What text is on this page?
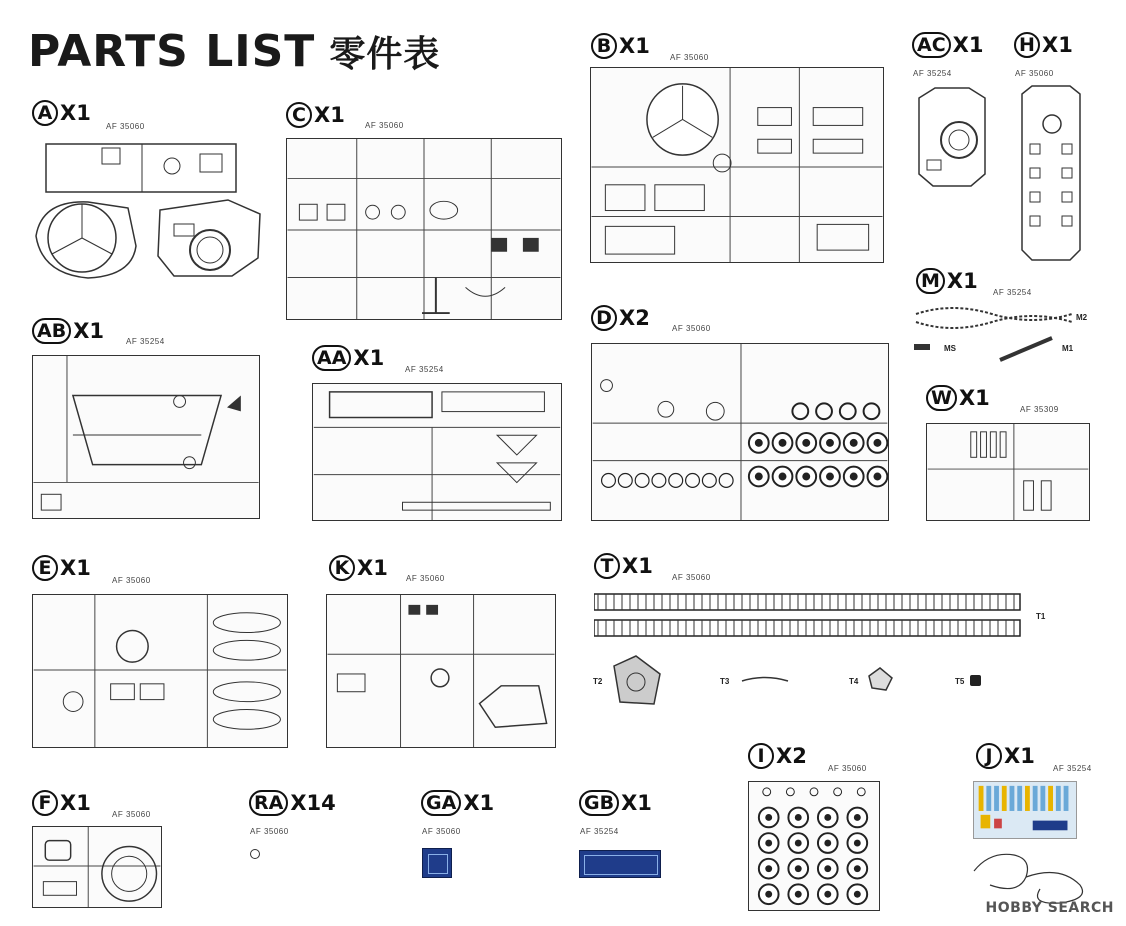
PARTS LIST 零件表
A X1
AF 35060
C X1	AF 35060
B X1	AF 35060
AC X1
AF 35254
H X1
AF 35060
AB X1	AF 35254
AA X1	AF 35254
D X2	AF 35060
M X1 AF 35254
W X1	AF 35309
E X1
AF 35060
K X1 AF 35060
T X1 AF 35060
I X2
AF 35060
J X1
AF 35254
F X1	AF 35060
RA X14
AF 35060
GA X1
AF 35060
GB X1
AF 35254
M2
MS	M1
T1
T2	T3	T4	T5
HOBBY SEARCH
